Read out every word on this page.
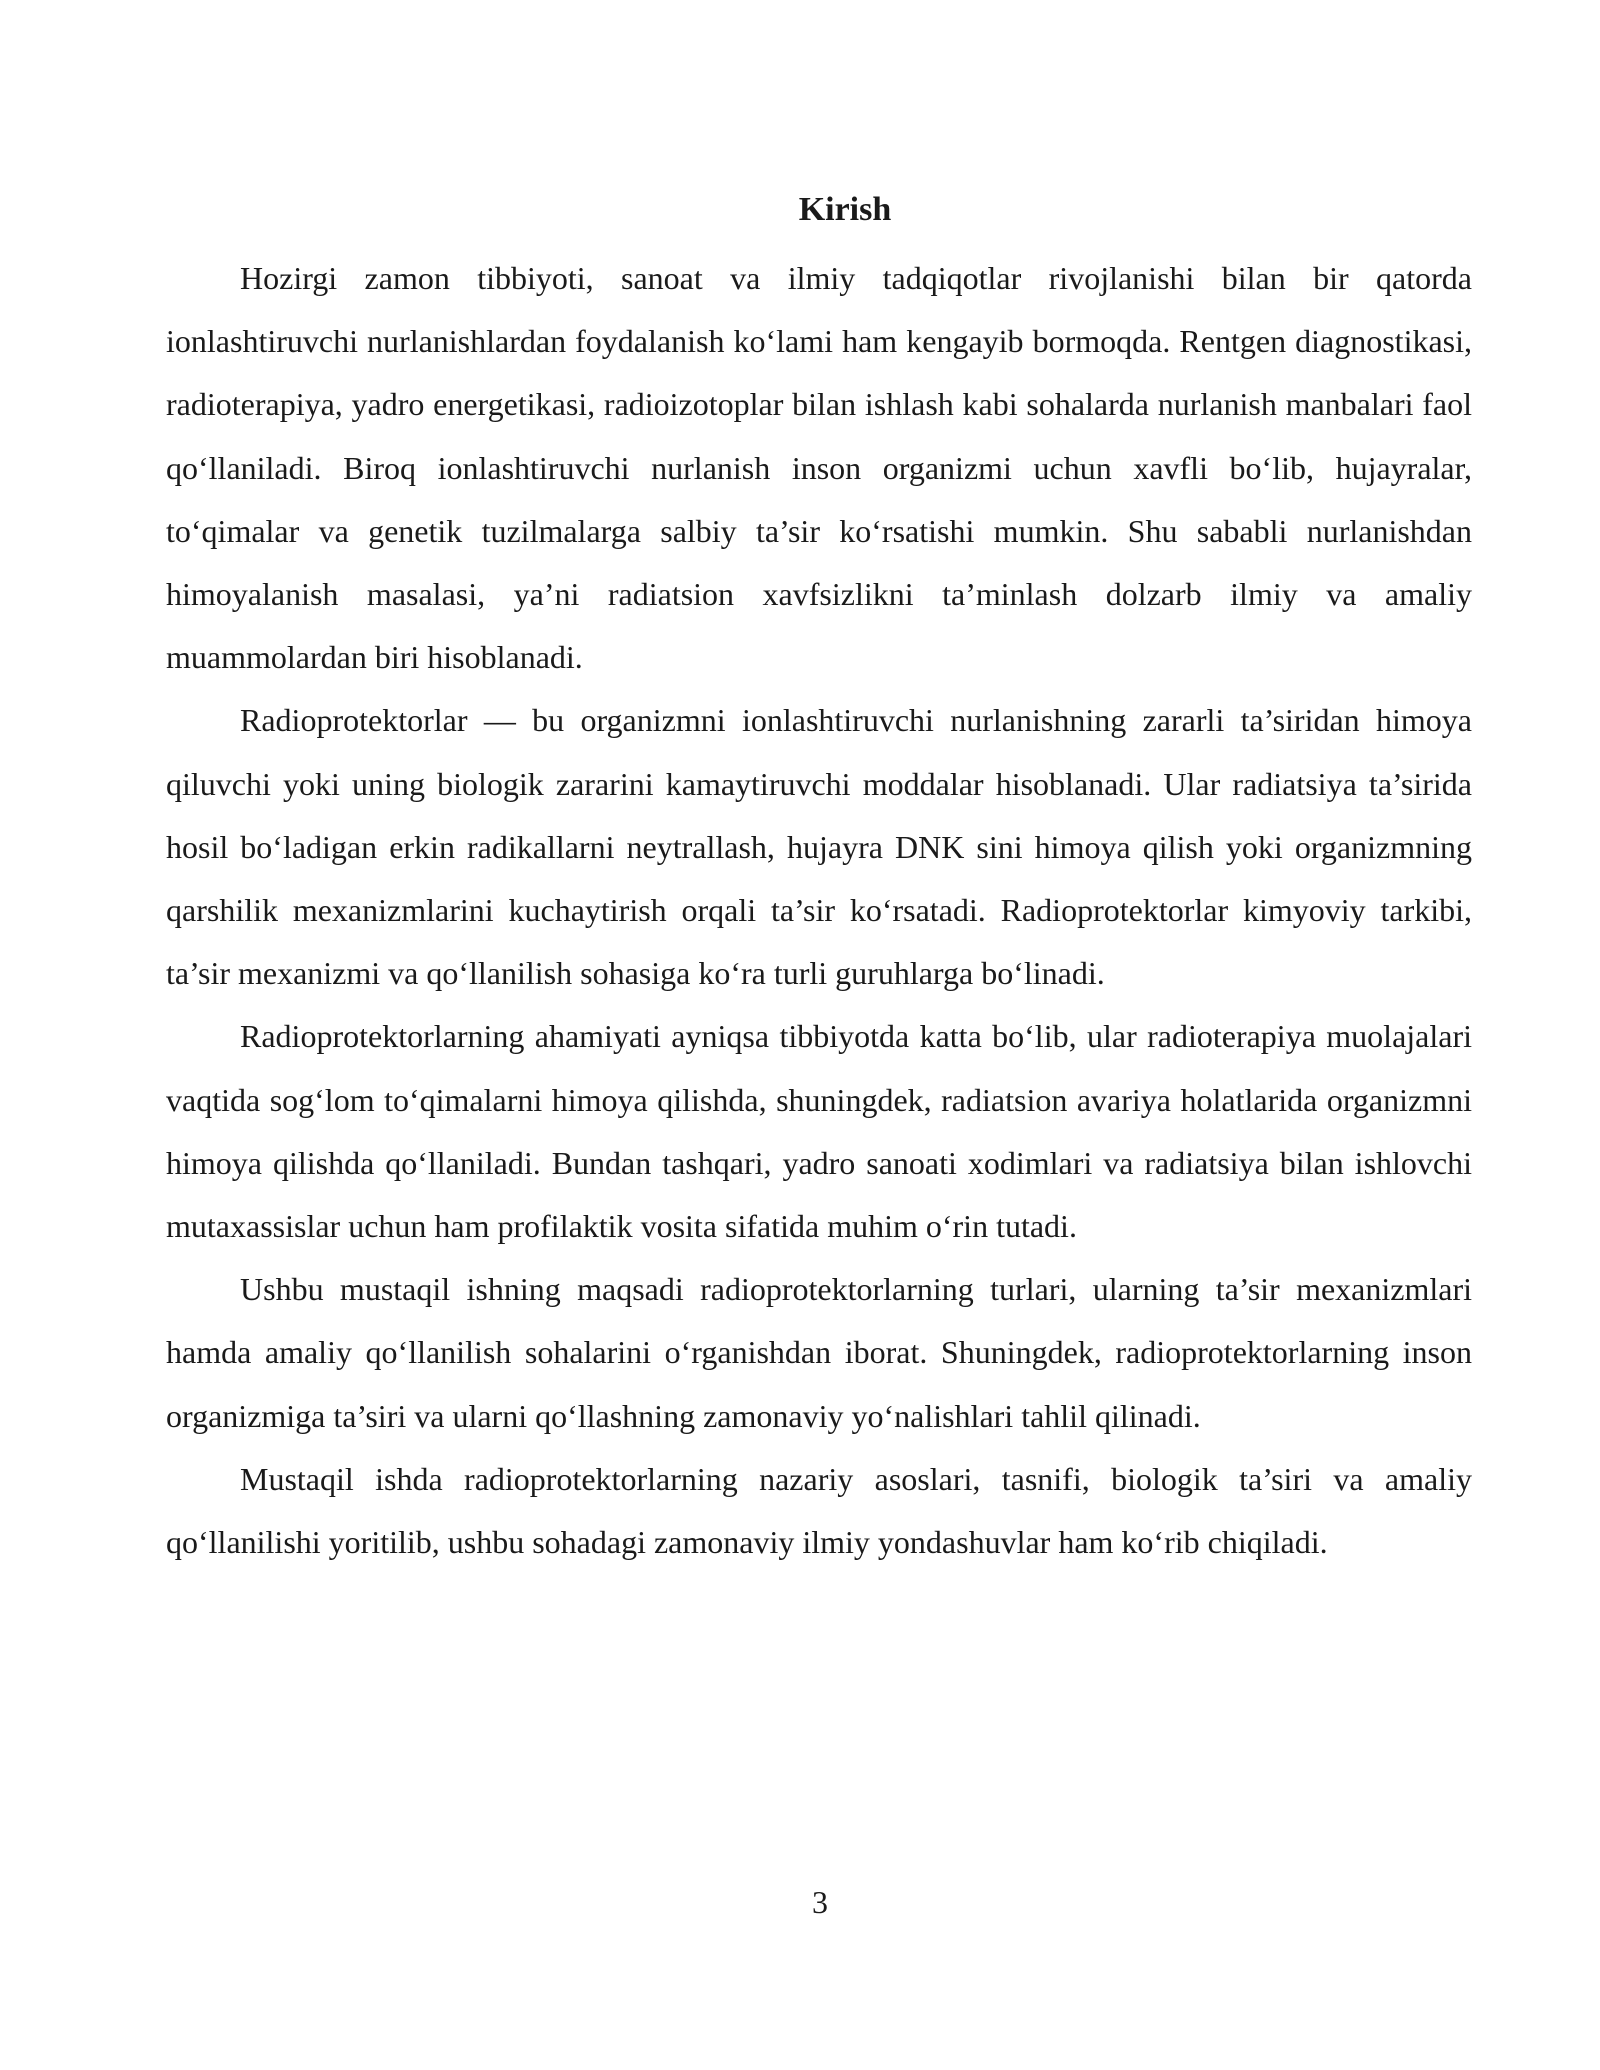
Kirish

Hozirgi zamon tibbiyoti, sanoat va ilmiy tadqiqotlar rivojlanishi bilan bir qatorda ionlashtiruvchi nurlanishlardan foydalanish ko‘lami ham kengayib bormoqda. Rentgen diagnostikasi, radioterapiya, yadro energetikasi, radioizotoplar bilan ishlash kabi sohalarda nurlanish manbalari faol qo‘llaniladi. Biroq ionlashtiruvchi nurlanish inson organizmi uchun xavfli bo‘lib, hujayralar, to‘qimalar va genetik tuzilmalarga salbiy ta’sir ko‘rsatishi mumkin. Shu sababli nurlanishdan himoyalanish masalasi, ya’ni radiatsion xavfsizlikni ta’minlash dolzarb ilmiy va amaliy muammolardan biri hisoblanadi.

Radioprotektorlar — bu organizmni ionlashtiruvchi nurlanishning zararli ta’siridan himoya qiluvchi yoki uning biologik zararini kamaytiruvchi moddalar hisoblanadi. Ular radiatsiya ta’sirida hosil bo‘ladigan erkin radikallarni neytrallash, hujayra DNK sini himoya qilish yoki organizmning qarshilik mexanizmlarini kuchaytirish orqali ta’sir ko‘rsatadi. Radioprotektorlar kimyoviy tarkibi, ta’sir mexanizmi va qo‘llanilish sohasiga ko‘ra turli guruhlarga bo‘linadi.

Radioprotektorlarning ahamiyati ayniqsa tibbiyotda katta bo‘lib, ular radioterapiya muolajalari vaqtida sog‘lom to‘qimalarni himoya qilishda, shuningdek, radiatsion avariya holatlarida organizmni himoya qilishda qo‘llaniladi. Bundan tashqari, yadro sanoati xodimlari va radiatsiya bilan ishlovchi mutaxassislar uchun ham profilaktik vosita sifatida muhim o‘rin tutadi.

Ushbu mustaqil ishning maqsadi radioprotektorlarning turlari, ularning ta’sir mexanizmlari hamda amaliy qo‘llanilish sohalarini o‘rganishdan iborat. Shuningdek, radioprotektorlarning inson organizmiga ta’siri va ularni qo‘llashning zamonaviy yo‘nalishlari tahlil qilinadi.

Mustaqil ishda radioprotektorlarning nazariy asoslari, tasnifi, biologik ta’siri va amaliy qo‘llanilishi yoritilib, ushbu sohadagi zamonaviy ilmiy yondashuvlar ham ko‘rib chiqiladi.

3
